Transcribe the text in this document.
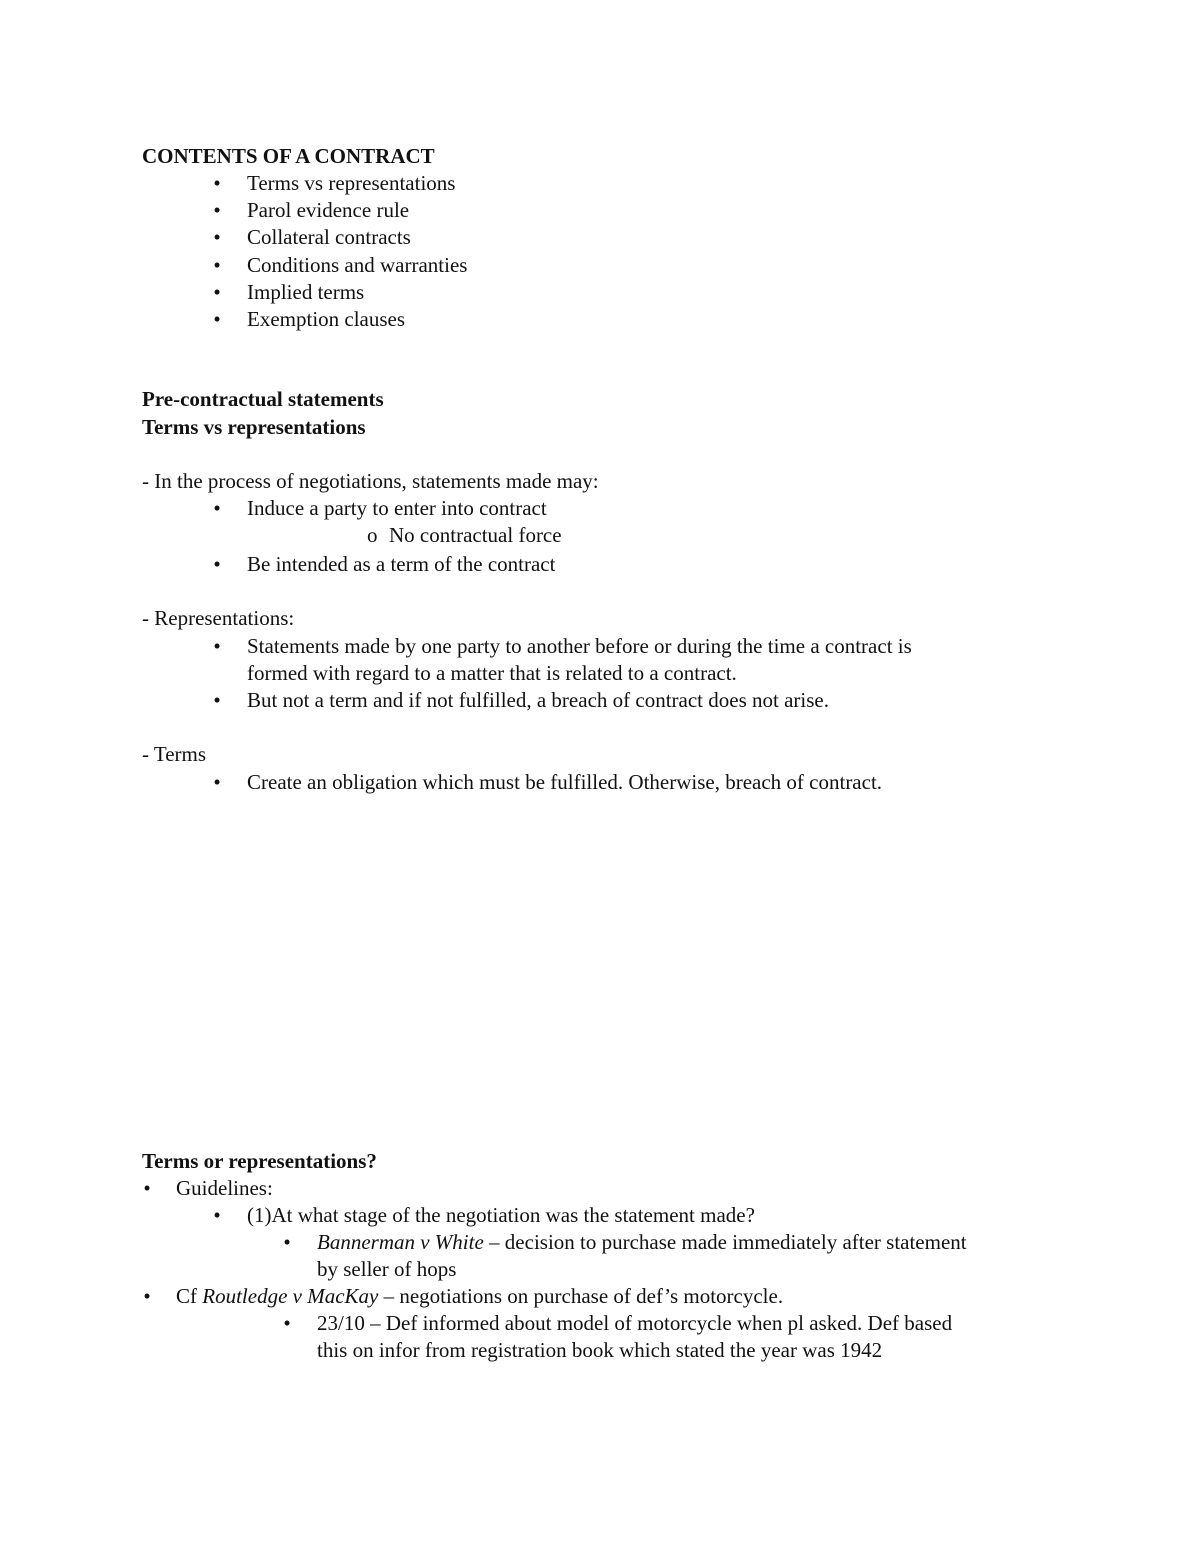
CONTENTS OF A CONTRACT
• Terms vs representations
• Parol evidence rule
• Collateral contracts
• Conditions and warranties
• Implied terms
• Exemption clauses
Pre-contractual statements
Terms vs representations
- In the process of negotiations, statements made may:
• Induce a party to enter into contract
o No contractual force
• Be intended as a term of the contract
- Representations:
• Statements made by one party to another before or during the time a contract is
formed with regard to a matter that is related to a contract.
• But not a term and if not fulfilled, a breach of contract does not arise.
- Terms
• Create an obligation which must be fulfilled. Otherwise, breach of contract.
Terms or representations?
• Guidelines:
• (1)At what stage of the negotiation was the statement made?
• Bannerman v White – decision to purchase made immediately after statement
by seller of hops
• Cf Routledge v MacKay – negotiations on purchase of def’s motorcycle.
• 23/10 – Def informed about model of motorcycle when pl asked. Def based
this on infor from registration book which stated the year was 1942
